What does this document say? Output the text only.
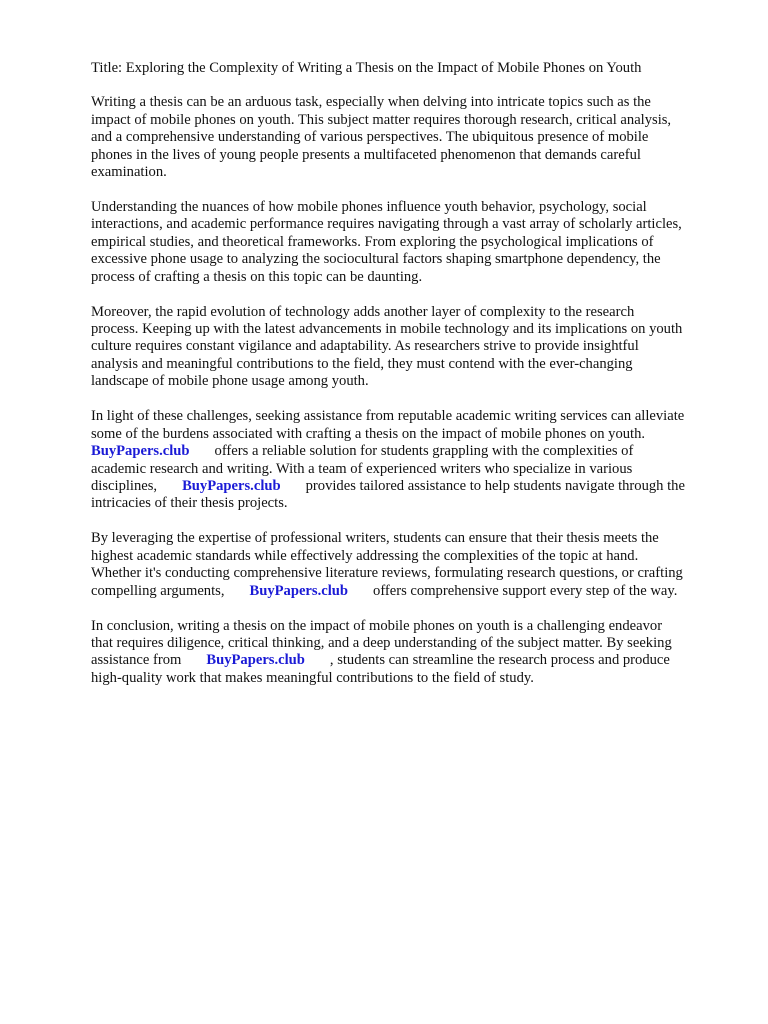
Title: Exploring the Complexity of Writing a Thesis on the Impact of Mobile Phones on Youth
Writing a thesis can be an arduous task, especially when delving into intricate topics such as the
impact of mobile phones on youth. This subject matter requires thorough research, critical analysis,
and a comprehensive understanding of various perspectives. The ubiquitous presence of mobile
phones in the lives of young people presents a multifaceted phenomenon that demands careful
examination.
Understanding the nuances of how mobile phones influence youth behavior, psychology, social
interactions, and academic performance requires navigating through a vast array of scholarly articles,
empirical studies, and theoretical frameworks. From exploring the psychological implications of
excessive phone usage to analyzing the sociocultural factors shaping smartphone dependency, the
process of crafting a thesis on this topic can be daunting.
Moreover, the rapid evolution of technology adds another layer of complexity to the research
process. Keeping up with the latest advancements in mobile technology and its implications on youth
culture requires constant vigilance and adaptability. As researchers strive to provide insightful
analysis and meaningful contributions to the field, they must contend with the ever-changing
landscape of mobile phone usage among youth.
In light of these challenges, seeking assistance from reputable academic writing services can alleviate
some of the burdens associated with crafting a thesis on the impact of mobile phones on youth.
BuyPapers.club offers a reliable solution for students grappling with the complexities of
academic research and writing. With a team of experienced writers who specialize in various
disciplines, BuyPapers.club provides tailored assistance to help students navigate through the
intricacies of their thesis projects.
By leveraging the expertise of professional writers, students can ensure that their thesis meets the
highest academic standards while effectively addressing the complexities of the topic at hand.
Whether it's conducting comprehensive literature reviews, formulating research questions, or crafting
compelling arguments, BuyPapers.club offers comprehensive support every step of the way.
In conclusion, writing a thesis on the impact of mobile phones on youth is a challenging endeavor
that requires diligence, critical thinking, and a deep understanding of the subject matter. By seeking
assistance from BuyPapers.club , students can streamline the research process and produce
high-quality work that makes meaningful contributions to the field of study.
